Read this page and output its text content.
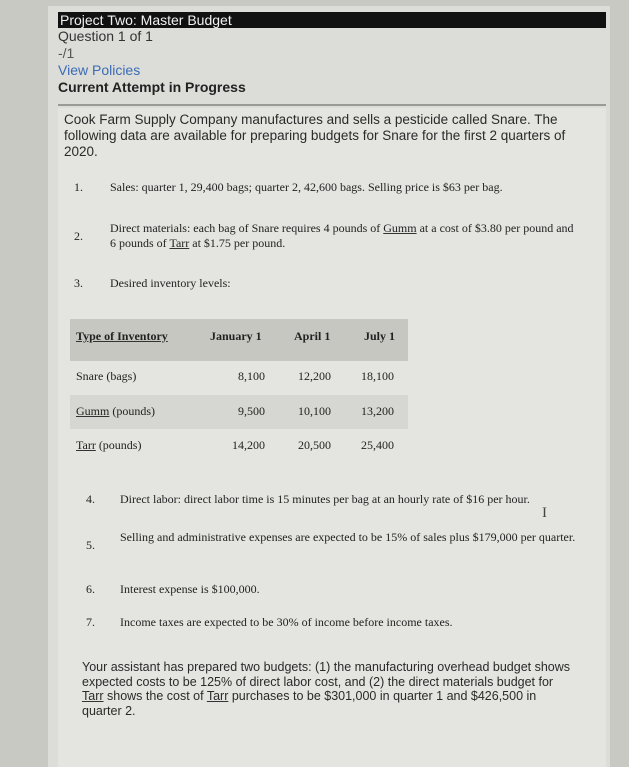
Project Two: Master Budget
Question 1 of 1
-/1
View Policies
Current Attempt in Progress
Cook Farm Supply Company manufactures and sells a pesticide called Snare. The following data are available for preparing budgets for Snare for the first 2 quarters of 2020.
1. Sales: quarter 1, 29,400 bags; quarter 2, 42,600 bags. Selling price is $63 per bag.
2.
Direct materials: each bag of Snare requires 4 pounds of Gumm at a cost of $3.80 per pound and 6 pounds of Tarr at $1.75 per pound.
3. Desired inventory levels:
Type of Inventory	January 1	April 1	July 1
Snare (bags)	8,100	12,200	18,100
Gumm (pounds)	9,500	10,100	13,200
Tarr (pounds)	14,200	20,500	25,400
4. Direct labor: direct labor time is 15 minutes per bag at an hourly rate of $16 per hour.
I
5.
Selling and administrative expenses are expected to be 15% of sales plus $179,000 per quarter.
6. Interest expense is $100,000.
7. Income taxes are expected to be 30% of income before income taxes.
Your assistant has prepared two budgets: (1) the manufacturing overhead budget shows expected costs to be 125% of direct labor cost, and (2) the direct materials budget for Tarr shows the cost of Tarr purchases to be $301,000 in quarter 1 and $426,500 in quarter 2.
